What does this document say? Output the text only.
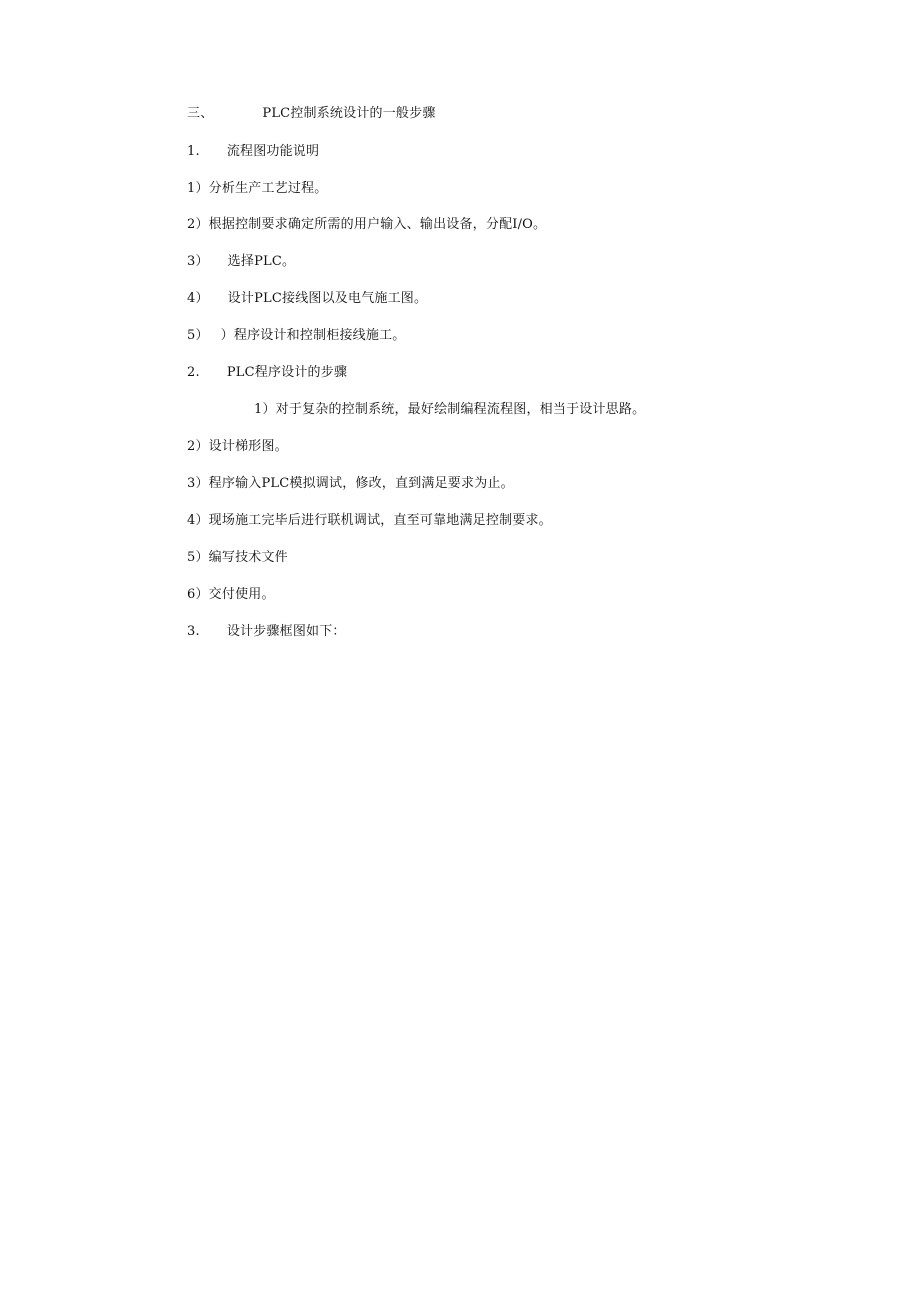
三、	PLC控制系统设计的一般步骤
1. 流程图功能说明
1）分析生产工艺过程。
2）根据控制要求确定所需的用户输入、输出设备，分配I/O。
3） 选择PLC。
4） 设计PLC接线图以及电气施工图。
5） ）程序设计和控制柜接线施工。
2. PLC程序设计的步骤
1）对于复杂的控制系统，最好绘制编程流程图，相当于设计思路。
2）设计梯形图。
3）程序输入PLC模拟调试，修改，直到满足要求为止。
4）现场施工完毕后进行联机调试，直至可靠地满足控制要求。
5）编写技术文件
6）交付使用。
3. 设计步骤框图如下：
